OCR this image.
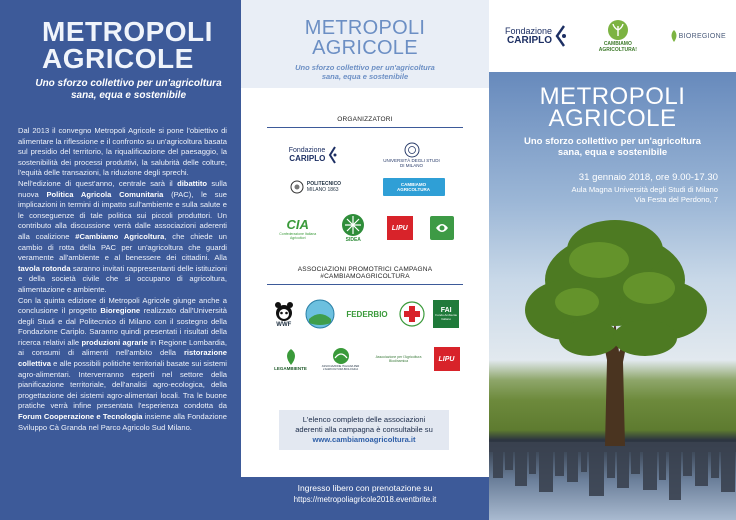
METROPOLI
AGRICOLE
Uno sforzo collettivo per un'agricoltura
sana, equa e sostenibile

Dal 2013 il convegno Metropoli Agricole si pone l'obiettivo di alimentare la riflessione e il confronto su un'agricoltura basata sul presidio del territorio, la riqualificazione del paesaggio, la sostenibilità dei processi produttivi, la salubrità delle colture, l'equità delle transazioni, la riduzione degli sprechi.

Nell'edizione di quest'anno, centrale sarà il dibattito sulla nuova Politica Agricola Comunitaria (PAC), le sue implicazioni in termini di impatto sull'ambiente e sulla salute e le conseguenze di tale politica sui piccoli produttori. Un contributo alla discussione verrà dalle associazioni aderenti alla coalizione #Cambiamo Agricoltura, che chiede un cambio di rotta della PAC per un'agricoltura che guardi veramente all'ambiente e al benessere dei cittadini. Alla tavola rotonda saranno invitati rappresentanti delle istituzioni e della società civile che si occupano di agricoltura, alimentazione e ambiente.

Con la quinta edizione di Metropoli Agricole giunge anche a conclusione il progetto Bioregione realizzato dall'Università degli Studi e dal Politecnico di Milano con il sostegno della Fondazione Cariplo. Saranno quindi presentati i risultati della ricerca relativi alle produzioni agrarie in Regione Lombardia, ai consumi di alimenti nell'ambito della ristorazione collettiva e alle possibili politiche territoriali basate sui sistemi agro-alimentari. Interverranno esperti nel settore della pianificazione territoriale, dell'analisi agro-ecologica, della progettazione dei sistemi agro-alimentari locali. Tra le buone pratiche verrà infine presentata l'esperienza condotta da Forum Cooperazione e Tecnologia insieme alla Fondazione Sviluppo Cà Granda nel Parco Agricolo Sud Milano.

METROPOLI
AGRICOLE
Uno sforzo collettivo per un'agricoltura
sana, equa e sostenibile
ORGANIZZATORI
Fondazione
CARIPLO	UNIVERSITÀ DEGLI STUDI
DI MILANO
POLITECNICO
MILANO 1863
CAMBIAMO
AGRICOLTURA
CIA
Confederazione Italiana Agricoltori	SIDEA
LIPU
ASSOCIAZIONI PROMOTRICI CAMPAGNA
#CAMBIAMOAGRICOLTURA
WWF
FEDERBIO	FAI
Fondo Ambiente Italiano
LEGAMBIENTE	ASSOCIAZIONE ITALIANA PER L'AGRICOLTURA BIOLOGICA
Associazione per l'Agricoltura Biodinamica	LIPU
L'elenco completo delle associazioni
aderenti alla campagna è consultabile su
www.cambiamoagricoltura.it
Ingresso libero con prenotazione su
https://metropoliagricole2018.eventbrite.it
Fondazione
CARIPLO	CAMBIAMO
AGRICOLTURA!
BIOREGIONE
METROPOLI
AGRICOLE
Uno sforzo collettivo per un'agricoltura
sana, equa e sostenibile
31 gennaio 2018, ore 9.00-17.30
Aula Magna Università degli Studi di Milano
Via Festa del Perdono, 7
